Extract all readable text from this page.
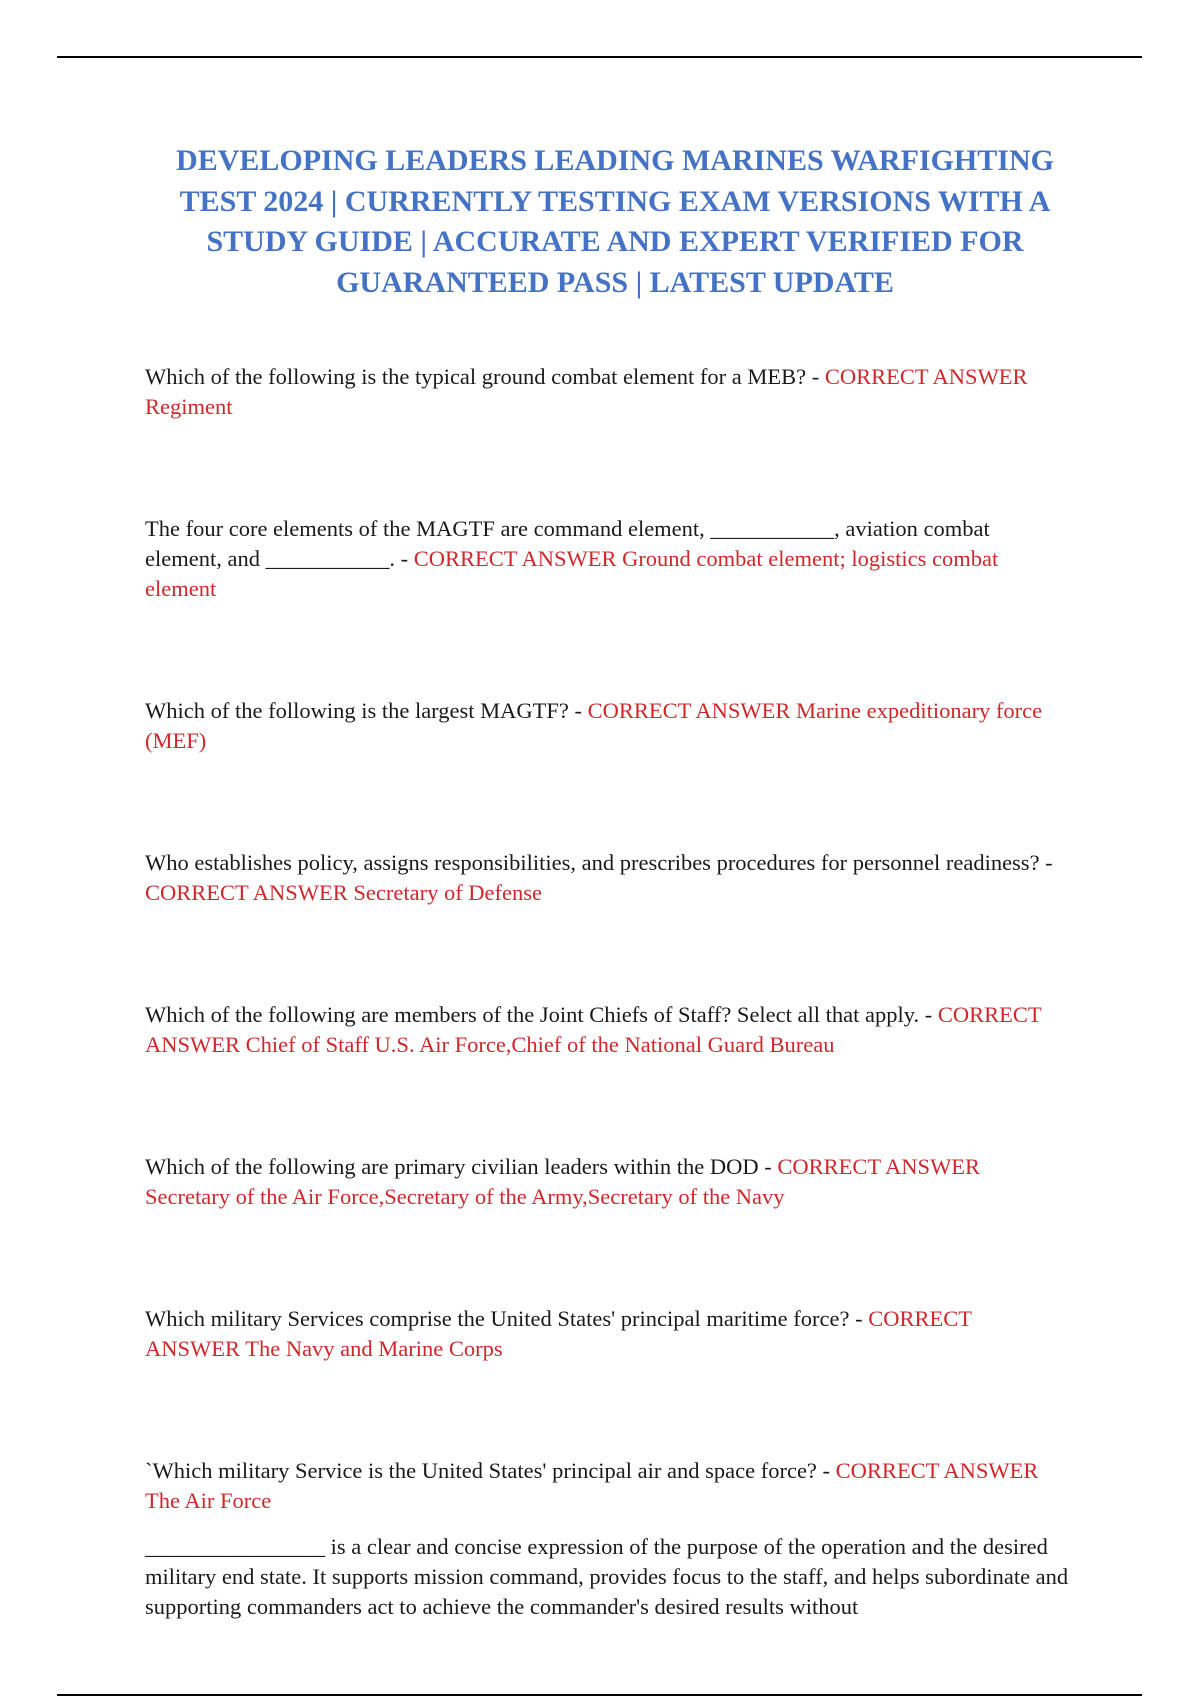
DEVELOPING LEADERS LEADING MARINES WARFIGHTING TEST 2024 | CURRENTLY TESTING EXAM VERSIONS WITH A STUDY GUIDE | ACCURATE AND EXPERT VERIFIED FOR GUARANTEED PASS | LATEST UPDATE

Which of the following is the typical ground combat element for a MEB? - CORRECT ANSWER Regiment

The four core elements of the MAGTF are command element, ___________, aviation combat element, and ___________. - CORRECT ANSWER Ground combat element; logistics combat element

Which of the following is the largest MAGTF? - CORRECT ANSWER Marine expeditionary force (MEF)

Who establishes policy, assigns responsibilities, and prescribes procedures for personnel readiness? - CORRECT ANSWER Secretary of Defense

Which of the following are members of the Joint Chiefs of Staff? Select all that apply. - CORRECT ANSWER Chief of Staff U.S. Air Force,Chief of the National Guard Bureau

Which of the following are primary civilian leaders within the DOD - CORRECT ANSWER Secretary of the Air Force,Secretary of the Army,Secretary of the Navy

Which military Services comprise the United States' principal maritime force? - CORRECT ANSWER The Navy and Marine Corps

`Which military Service is the United States' principal air and space force? - CORRECT ANSWER The Air Force

________________ is a clear and concise expression of the purpose of the operation and the desired military end state. It supports mission command, provides focus to the staff, and helps subordinate and supporting commanders act to achieve the commander's desired results without
